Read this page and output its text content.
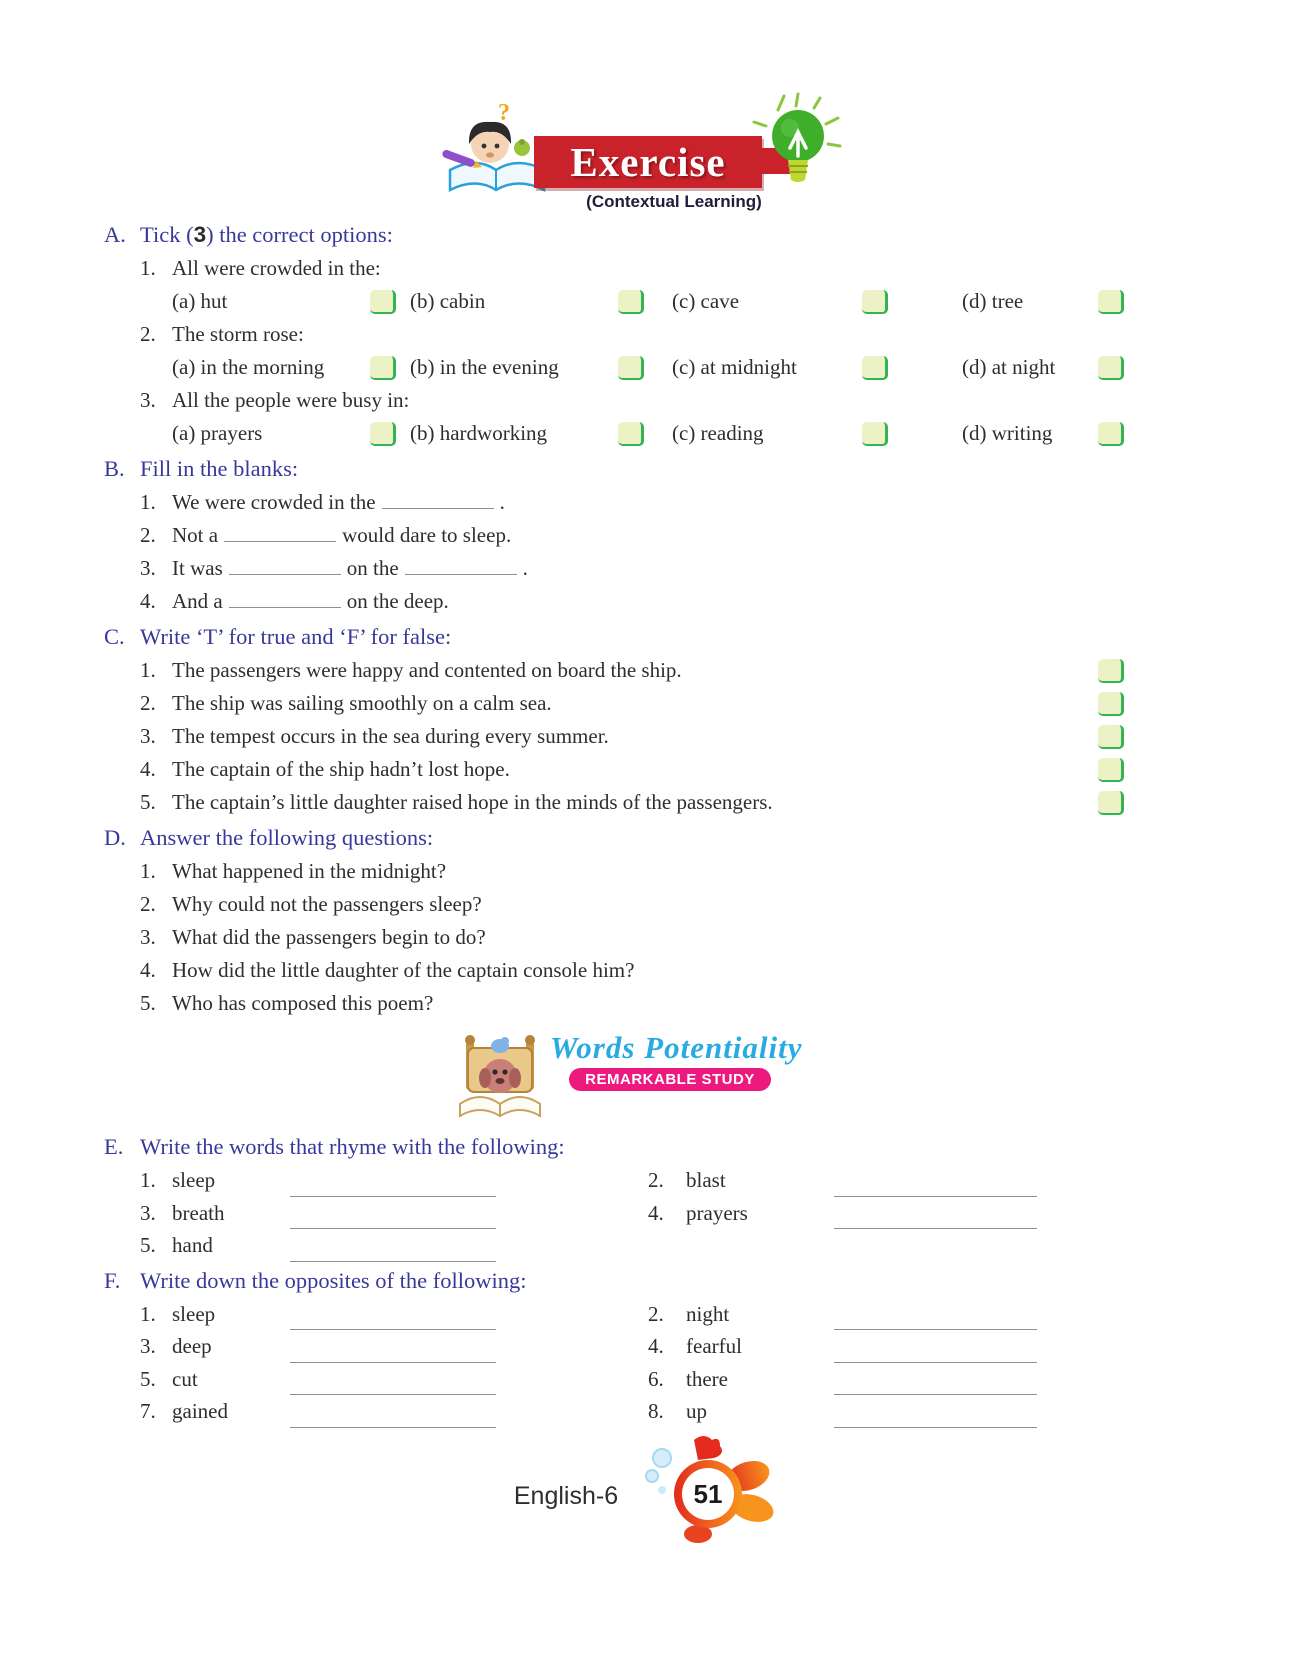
?
Exercise
(Contextual Learning)
A. Tick (3) the correct options:
1. All were crowded in the:
(a) hut	(b) cabin	(c) cave	(d) tree
2. The storm rose:
(a) in the morning	(b) in the evening	(c) at midnight	(d) at night
3. All the people were busy in:
(a) prayers	(b) hardworking	(c) reading	(d) writing
B. Fill in the blanks:
1. We were crowded in the	.
2. Not a	would dare to sleep.
3. It was	on the	.
4. And a	on the deep.
C. Write ‘T’ for true and ‘F’ for false:
1. The passengers were happy and contented on board the ship.
2. The ship was sailing smoothly on a calm sea.
3. The tempest occurs in the sea during every summer.
4. The captain of the ship hadn’t lost hope.
5. The captain’s little daughter raised hope in the minds of the passengers.
D. Answer the following questions:
1. What happened in the midnight?
2. Why could not the passengers sleep?
3. What did the passengers begin to do?
4. How did the little daughter of the captain console him?
5. Who has composed this poem?
Words Potentiality
REMARKABLE STUDY
E. Write the words that rhyme with the following:
1. sleep	2.	blast
3. breath	4.	prayers
5. hand
F. Write down the opposites of the following:
1. sleep	2.	night
3. deep	4.	fearful
5. cut	6.	there
7. gained	8.	up
English-6	51
